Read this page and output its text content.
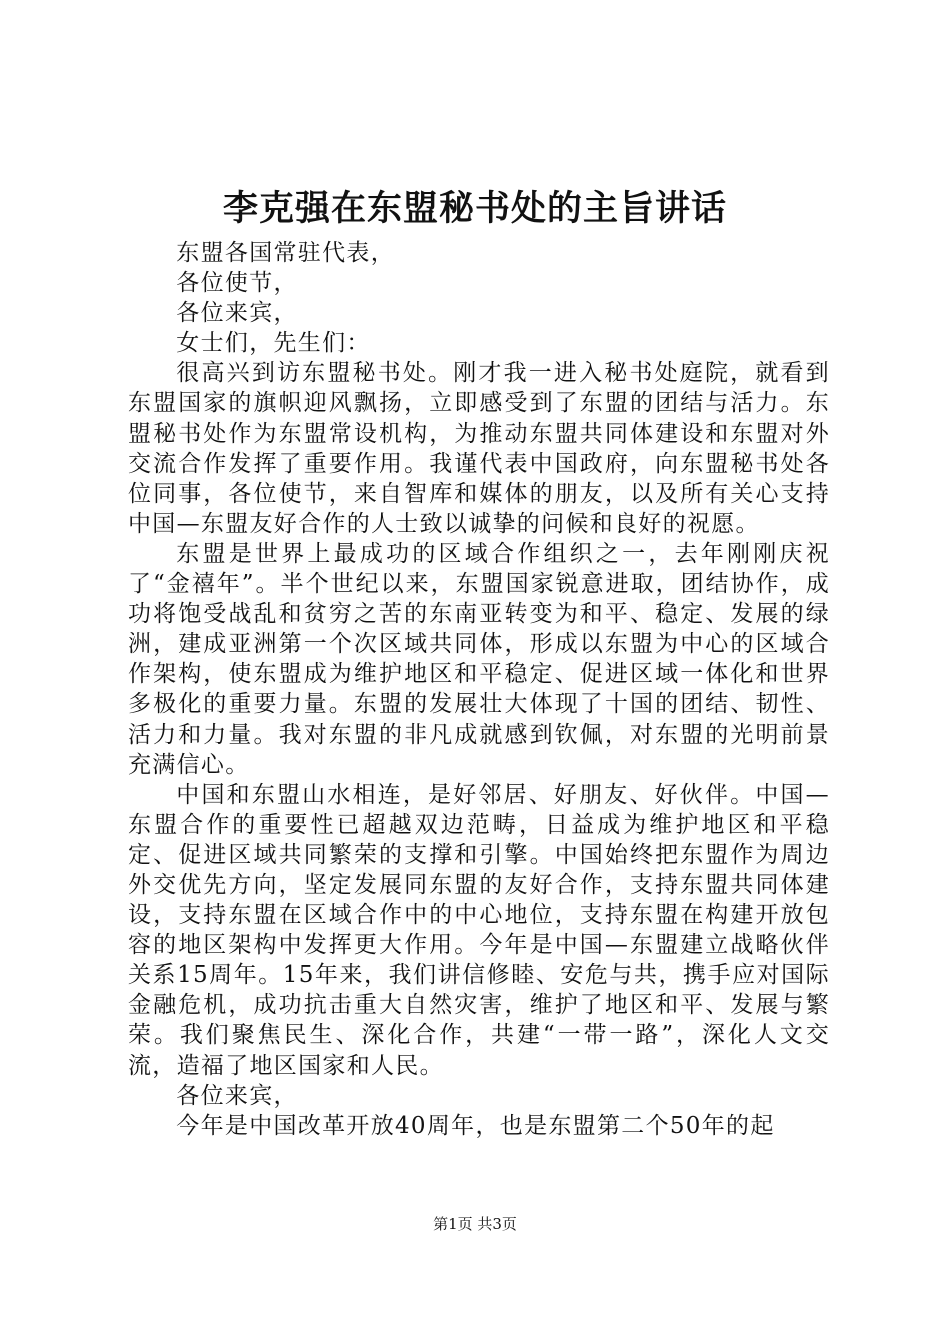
李克强在东盟秘书处的主旨讲话

东盟各国常驻代表，

各位使节，

各位来宾，

女士们，先生们：

很高兴到访东盟秘书处。刚才我一进入秘书处庭院，就看到东盟国家的旗帜迎风飘扬，立即感受到了东盟的团结与活力。东盟秘书处作为东盟常设机构，为推动东盟共同体建设和东盟对外交流合作发挥了重要作用。我谨代表中国政府，向东盟秘书处各位同事，各位使节，来自智库和媒体的朋友，以及所有关心支持中国—东盟友好合作的人士致以诚挚的问候和良好的祝愿。

东盟是世界上最成功的区域合作组织之一，去年刚刚庆祝了“金禧年”。半个世纪以来，东盟国家锐意进取，团结协作，成功将饱受战乱和贫穷之苦的东南亚转变为和平、稳定、发展的绿洲，建成亚洲第一个次区域共同体，形成以东盟为中心的区域合作架构，使东盟成为维护地区和平稳定、促进区域一体化和世界多极化的重要力量。东盟的发展壮大体现了十国的团结、韧性、活力和力量。我对东盟的非凡成就感到钦佩，对东盟的光明前景充满信心。

中国和东盟山水相连，是好邻居、好朋友、好伙伴。中国—东盟合作的重要性已超越双边范畴，日益成为维护地区和平稳定、促进区域共同繁荣的支撑和引擎。中国始终把东盟作为周边外交优先方向，坚定发展同东盟的友好合作，支持东盟共同体建设，支持东盟在区域合作中的中心地位，支持东盟在构建开放包容的地区架构中发挥更大作用。今年是中国—东盟建立战略伙伴关系15周年。15年来，我们讲信修睦、安危与共，携手应对国际金融危机，成功抗击重大自然灾害，维护了地区和平、发展与繁荣。我们聚焦民生、深化合作，共建“一带一路”，深化人文交流，造福了地区国家和人民。

各位来宾，

今年是中国改革开放40周年，也是东盟第二个50年的起

第1页 共3页
